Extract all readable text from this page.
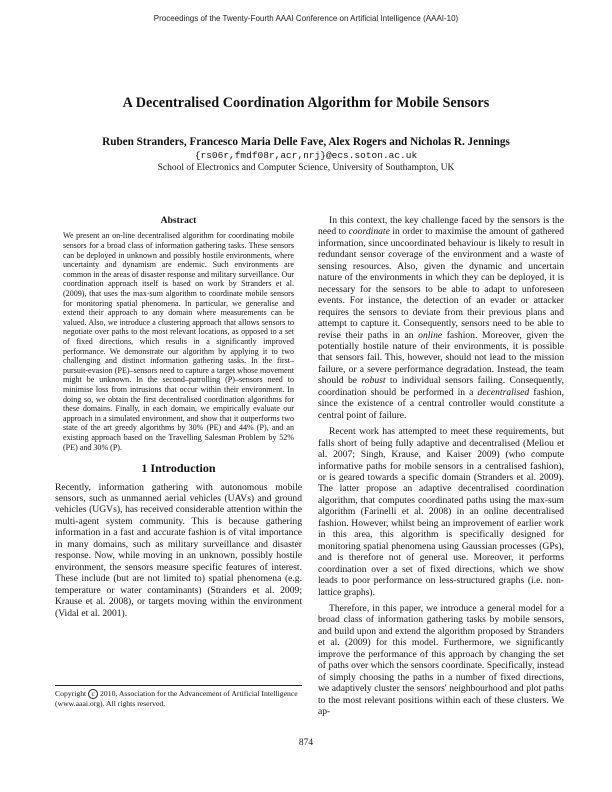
Proceedings of the Twenty-Fourth AAAI Conference on Artificial Intelligence (AAAI-10)
A Decentralised Coordination Algorithm for Mobile Sensors
Ruben Stranders, Francesco Maria Delle Fave, Alex Rogers and Nicholas R. Jennings
{rs06r,fmdf08r,acr,nrj}@ecs.soton.ac.uk
School of Electronics and Computer Science, University of Southampton, UK

Abstract

We present an on-line decentralised algorithm for coordinating mobile sensors for a broad class of information gathering tasks. These sensors can be deployed in unknown and possibly hostile environments, where uncertainty and dynamism are endemic. Such environments are common in the areas of disaster response and military surveillance. Our coordination approach itself is based on work by Stranders et al. (2009), that uses the max-sum algorithm to coordinate mobile sensors for monitoring spatial phenomena. In particular, we generalise and extend their approach to any domain where measurements can be valued. Also, we introduce a clustering approach that allows sensors to negotiate over paths to the most relevant locations, as opposed to a set of fixed directions, which results in a significantly improved performance. We demonstrate our algorithm by applying it to two challenging and distinct information gathering tasks. In the first–pursuit-evasion (PE)–sensors need to capture a target whose movement might be unknown. In the second–patrolling (P)–sensors need to minimise loss from intrusions that occur within their environment. In doing so, we obtain the first decentralised coordination algorithms for these domains. Finally, in each domain, we empirically evaluate our approach in a simulated environment, and show that it outperforms two state of the art greedy algorithms by 30% (PE) and 44% (P), and an existing approach based on the Travelling Salesman Problem by 52% (PE) and 30% (P).

1 Introduction

Recently, information gathering with autonomous mobile sensors, such as unmanned aerial vehicles (UAVs) and ground vehicles (UGVs), has received considerable attention within the multi-agent system community. This is because gathering information in a fast and accurate fashion is of vital importance in many domains, such as military surveillance and disaster response. Now, while moving in an unknown, possibly hostile environment, the sensors measure specific features of interest. These include (but are not limited to) spatial phenomena (e.g. temperature or water contaminants) (Stranders et al. 2009; Krause et al. 2008), or targets moving within the environment (Vidal et al. 2001).

Copyright c 2010, Association for the Advancement of Artificial Intelligence (www.aaai.org). All rights reserved.

In this context, the key challenge faced by the sensors is the need to coordinate in order to maximise the amount of gathered information, since uncoordinated behaviour is likely to result in redundant sensor coverage of the environment and a waste of sensing resources. Also, given the dynamic and uncertain nature of the environments in which they can be deployed, it is necessary for the sensors to be able to adapt to unforeseen events. For instance, the detection of an evader or attacker requires the sensors to deviate from their previous plans and attempt to capture it. Consequently, sensors need to be able to revise their paths in an online fashion. Moreover, given the potentially hostile nature of their environments, it is possible that sensors fail. This, however, should not lead to the mission failure, or a severe performance degradation. Instead, the team should be robust to individual sensors failing. Consequently, coordination should be performed in a decentralised fashion, since the existence of a central controller would constitute a central point of failure.

Recent work has attempted to meet these requirements, but falls short of being fully adaptive and decentralised (Meliou et al. 2007; Singh, Krause, and Kaiser 2009) (who compute informative paths for mobile sensors in a centralised fashion), or is geared towards a specific domain (Stranders et al. 2009). The latter propose an adaptive decentralised coordination algorithm, that computes coordinated paths using the max-sum algorithm (Farinelli et al. 2008) in an online decentralised fashion. However, whilst being an improvement of earlier work in this area, this algorithm is specifically designed for monitoring spatial phenomena using Gaussian processes (GPs), and is therefore not of general use. Moreover, it performs coordination over a set of fixed directions, which we show leads to poor performance on less-structured graphs (i.e. non-lattice graphs).

Therefore, in this paper, we introduce a general model for a broad class of information gathering tasks by mobile sensors, and build upon and extend the algorithm proposed by Stranders et al. (2009) for this model. Furthermore, we significantly improve the performance of this approach by changing the set of paths over which the sensors coordinate. Specifically, instead of simply choosing the paths in a number of fixed directions, we adaptively cluster the sensors' neighbourhood and plot paths to the most relevant positions within each of these clusters. We ap-

874
